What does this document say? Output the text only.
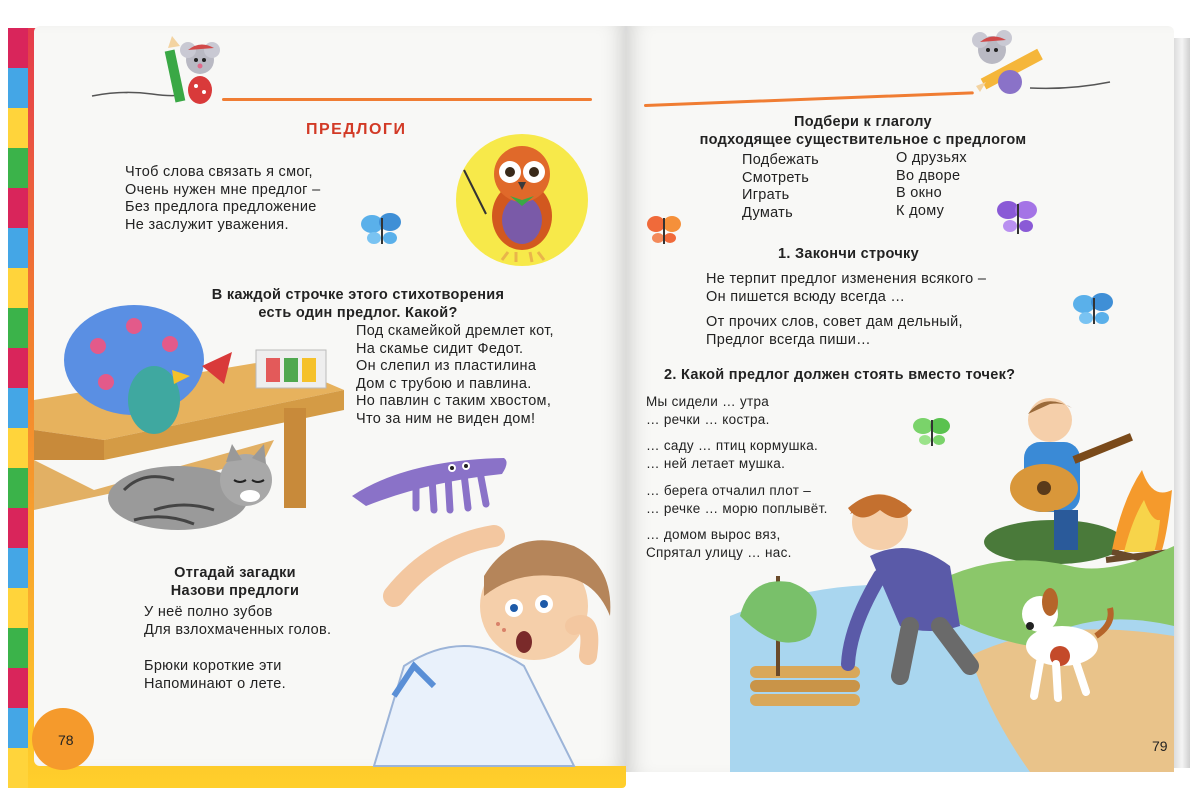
ПРЕДЛОГИ
Чтоб слова связать я смог,
Очень нужен мне предлог –
Без предлога предложение
Не заслужит уважения.
В каждой строчке этого стихотворения
есть один предлог. Какой?
Под скамейкой дремлет кот,
На скамье сидит Федот.
Он слепил из пластилина
Дом с трубою и павлина.
Но павлин с таким хвостом,
Что за ним не виден дом!
Отгадай загадки
Назови предлоги
У неё полно зубов
Для взлохмаченных голов.
Брюки короткие эти
Напоминают о лете.
78
Подбери к глаголу
подходящее существительное с предлогом
Подбежать
Смотреть
Играть
Думать
О друзьях
Во дворе
В окно
К дому
1. Закончи строчку
Не терпит предлог изменения всякого –
Он пишется всюду всегда …
От прочих слов, совет дам дельный,
Предлог всегда пиши…
2. Какой предлог должен стоять вместо точек?
Мы сидели … утра
… речки … костра.
… саду … птиц кормушка.
… ней летает мушка.
… берега отчалил плот –
… речке … морю поплывёт.
… домом вырос вяз,
Спрятал улицу … нас.
79
